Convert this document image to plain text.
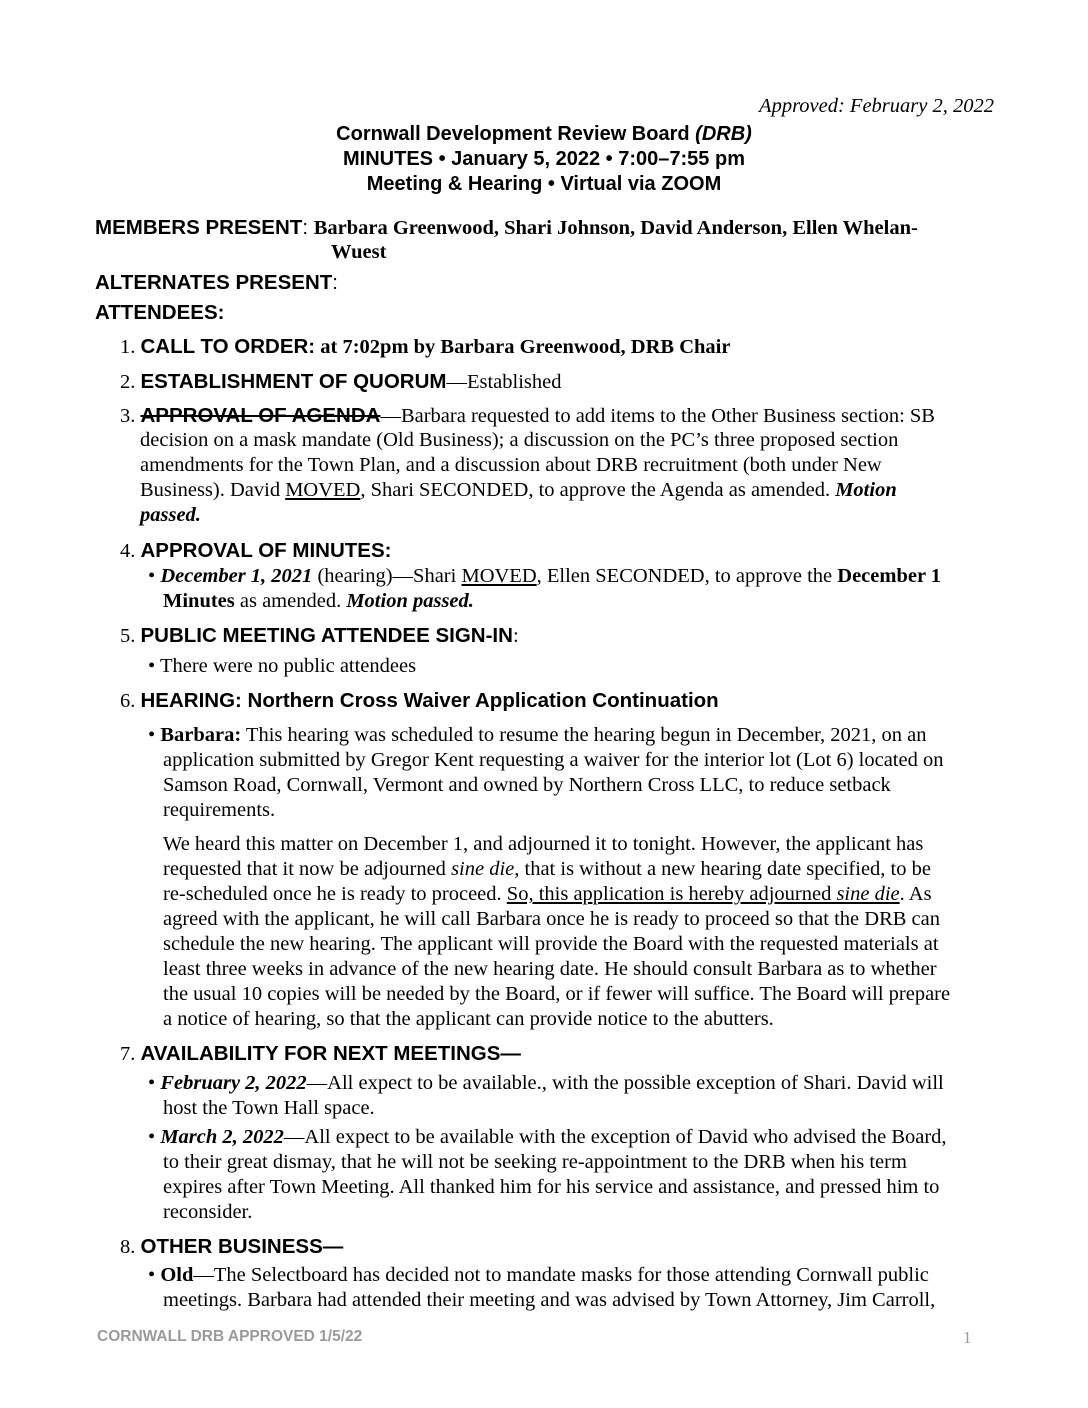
Approved: February 2, 2022
Cornwall Development Review Board (DRB)
MINUTES • January 5, 2022 • 7:00–7:55 pm
Meeting & Hearing • Virtual via ZOOM
MEMBERS PRESENT: Barbara Greenwood, Shari Johnson, David Anderson, Ellen Whelan-
Wuest
ALTERNATES PRESENT:
ATTENDEES:
1. CALL TO ORDER: at 7:02pm by Barbara Greenwood, DRB Chair
2. ESTABLISHMENT OF QUORUM—Established
3. APPROVAL OF AGENDA—Barbara requested to add items to the Other Business section: SB
decision on a mask mandate (Old Business); a discussion on the PC’s three proposed section
amendments for the Town Plan, and a discussion about DRB recruitment (both under New
Business). David MOVED, Shari SECONDED, to approve the Agenda as amended. Motion
passed.
4. APPROVAL OF MINUTES:
• December 1, 2021 (hearing)—Shari MOVED, Ellen SECONDED, to approve the December 1
Minutes as amended. Motion passed.
5. PUBLIC MEETING ATTENDEE SIGN-IN:
• There were no public attendees
6. HEARING: Northern Cross Waiver Application Continuation
• Barbara: This hearing was scheduled to resume the hearing begun in December, 2021, on an
application submitted by Gregor Kent requesting a waiver for the interior lot (Lot 6) located on
Samson Road, Cornwall, Vermont and owned by Northern Cross LLC, to reduce setback
requirements.
We heard this matter on December 1, and adjourned it to tonight. However, the applicant has
requested that it now be adjourned sine die, that is without a new hearing date specified, to be
re-scheduled once he is ready to proceed. So, this application is hereby adjourned sine die. As
agreed with the applicant, he will call Barbara once he is ready to proceed so that the DRB can
schedule the new hearing. The applicant will provide the Board with the requested materials at
least three weeks in advance of the new hearing date. He should consult Barbara as to whether
the usual 10 copies will be needed by the Board, or if fewer will suffice. The Board will prepare
a notice of hearing, so that the applicant can provide notice to the abutters.
7. AVAILABILITY FOR NEXT MEETINGS—
• February 2, 2022—All expect to be available., with the possible exception of Shari. David will
host the Town Hall space.
• March 2, 2022—All expect to be available with the exception of David who advised the Board,
to their great dismay, that he will not be seeking re-appointment to the DRB when his term
expires after Town Meeting. All thanked him for his service and assistance, and pressed him to
reconsider.
8. OTHER BUSINESS—
• Old—The Selectboard has decided not to mandate masks for those attending Cornwall public
meetings. Barbara had attended their meeting and was advised by Town Attorney, Jim Carroll,
CORNWALL DRB APPROVED 1/5/22	1
